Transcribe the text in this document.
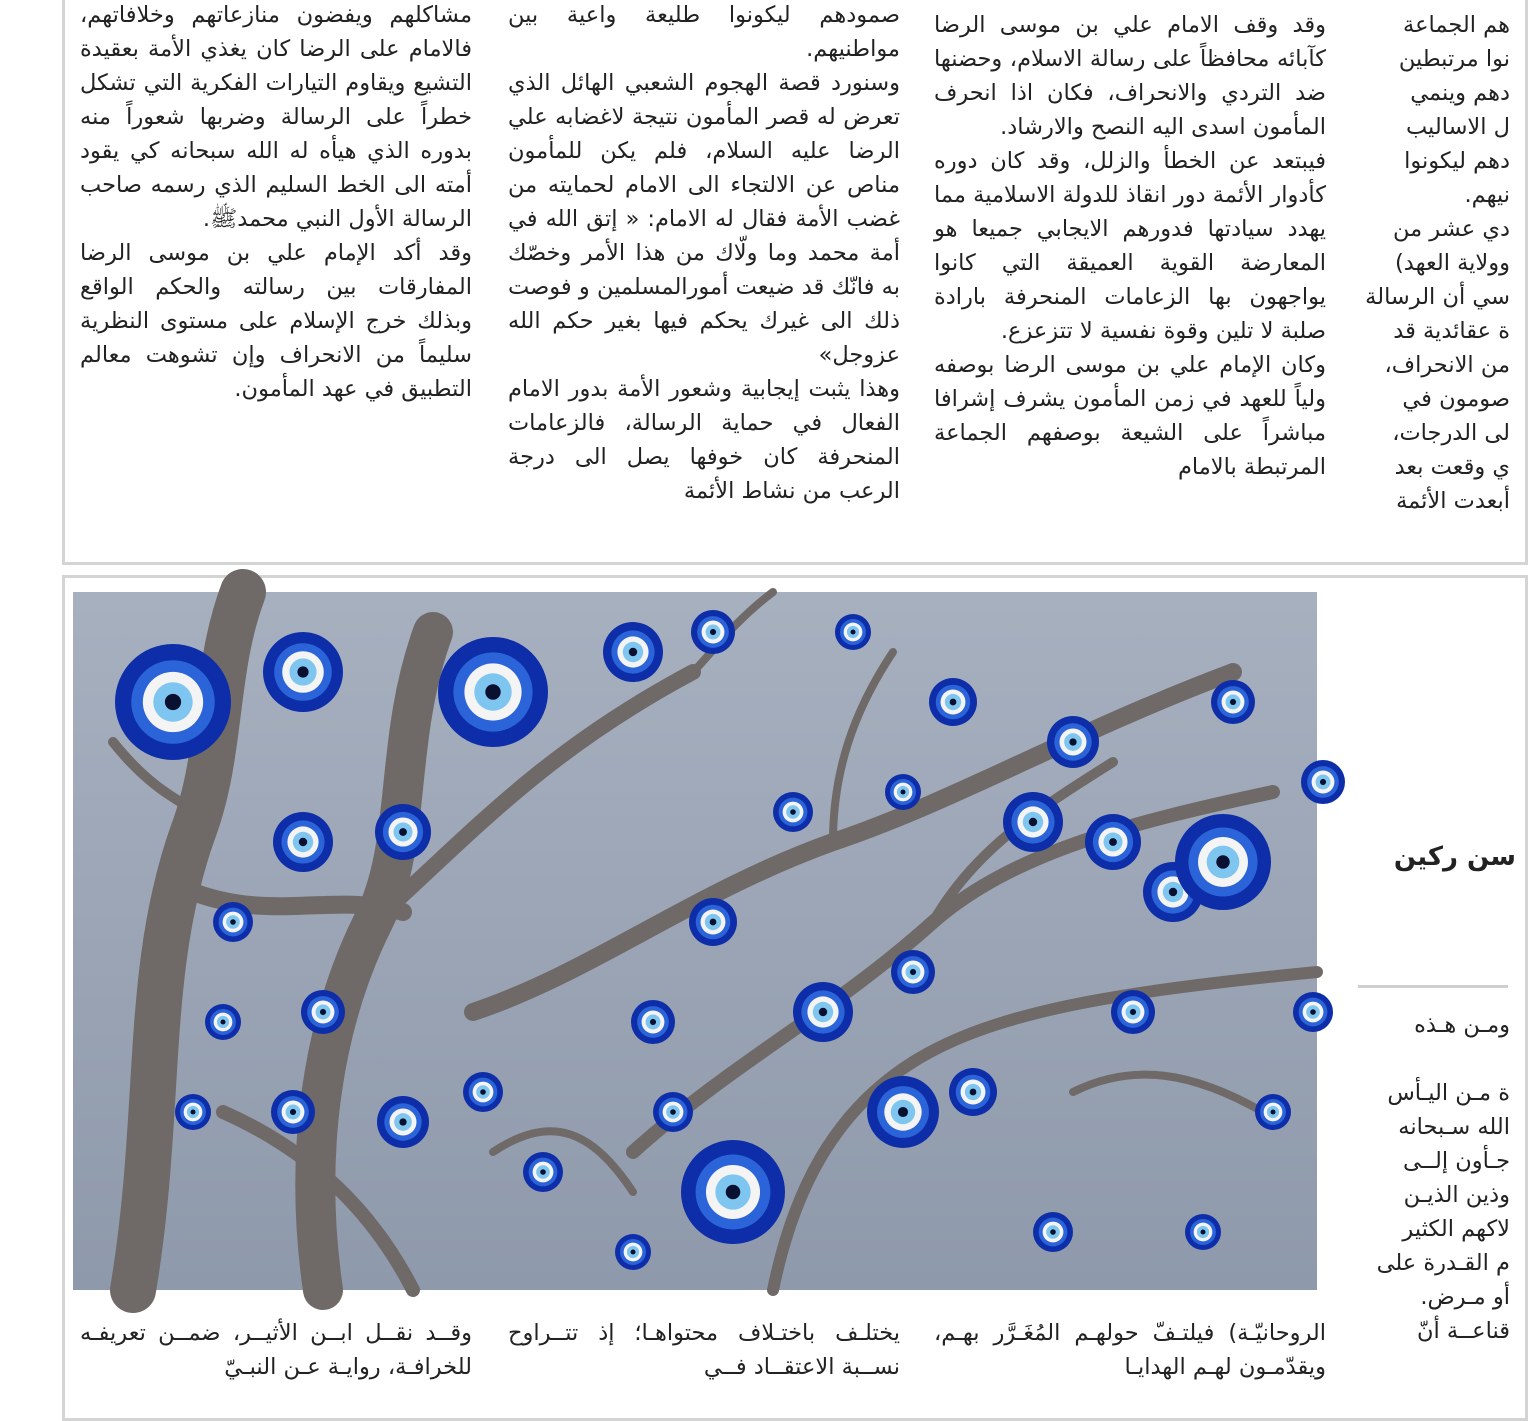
مشاكلهم ويفضون منازعاتهم وخلافاتهم، فالامام على الرضا كان يغذي الأمة بعقيدة التشيع ويقاوم التيارات الفكرية التي تشكل خطراً على الرسالة وضربها شعوراً منه بدوره الذي هيأه له الله سبحانه كي يقود أمته الى الخط السليم الذي رسمه صاحب الرسالة الأول النبي محمدﷺ.

وقد أكد الإمام علي بن موسى الرضا المفارقات بين رسالته والحكم الواقع وبذلك خرج الإسلام على مستوى النظرية سليماً من الانحراف وإن تشوهت معالم التطبيق في عهد المأمون.

صمودهم ليكونوا طليعة واعية بين مواطنيهم.

وسنورد قصة الهجوم الشعبي الهائل الذي تعرض له قصر المأمون نتيجة لاغضابه علي الرضا عليه السلام، فلم يكن للمأمون مناص عن الالتجاء الى الامام لحمايته من غضب الأمة فقال له الامام: « إتق الله في أمة محمد وما ولّاك من هذا الأمر وخصّك به فانّك قد ضيعت أمورالمسلمين و فوصت ذلك الى غيرك يحكم فيها بغير حكم الله عزوجل»

وهذا يثبت إيجابية وشعور الأمة بدور الامام الفعال في حماية الرسالة، فالزعامات المنحرفة كان خوفها يصل الى درجة الرعب من نشاط الأئمة

وقد وقف الامام علي بن موسى الرضا كآبائه محافظاً على رسالة الاسلام، وحضنها ضد التردي والانحراف، فكان اذا انحرف المأمون اسدى اليه النصح والارشاد.

فيبتعد عن الخطأ والزلل، وقد كان دوره كأدوار الأئمة دور انقاذ للدولة الاسلامية مما يهدد سيادتها فدورهم الايجابي جميعا هو المعارضة القوية العميقة التي كانوا يواجهون بها الزعامات المنحرفة بارادة صلبة لا تلين وقوة نفسية لا تتزعزع.

وكان الإمام علي بن موسى الرضا بوصفه ولياً للعهد في زمن المأمون يشرف إشرافا مباشراً على الشيعة بوصفهم الجماعة المرتبطة بالامام

هم الجماعة

نوا مرتبطين

دهم وينمي

ل الاساليب

دهم ليكونوا

نيهم.

دي عشر من

وولاية العهد)

سي أن الرسالة

ة عقائدية قد

من الانحراف،

صومون في

لى الدرجات،

ي وقعت بعد

أبعدت الأئمة

سن ركين

ومـن هـذه

ة مـن اليـأس

الله سـبحانه

جـأون إلــى

وذين الذيـن

لاكهم الكثير

م القـدرة على

أو مـرض.

قناعــة أنّ

وقــد نقــل ابــن الأثيــر، ضمــن تعريفـه للخرافـة، روايـة عـن النبـيّ

يختلـف باختـلاف محتواهـا؛ إذ تتــراوح نســبة الاعتقــاد فــي

الروحانيّـة) فيلتـفّ حولهـم المُغَـرَّر بهـم، ويقدّمـون لهـم الهدايـا
